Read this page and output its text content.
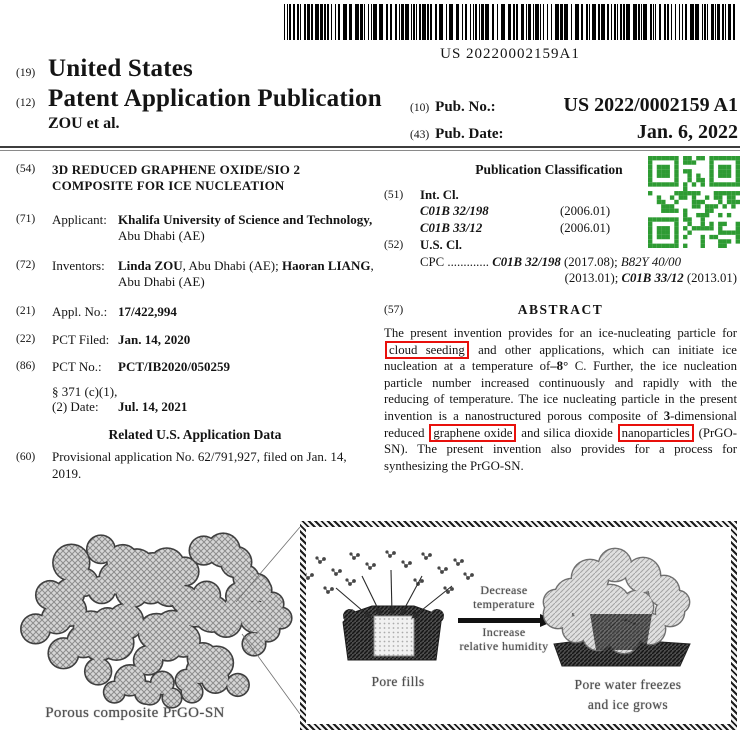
US 20220002159A1
(19) United States
(12) Patent Application Publication
ZOU et al.
(10) Pub. No.:	US 2022/0002159 A1
(43) Pub. Date:	Jan. 6, 2022
(54)	3D REDUCED GRAPHENE OXIDE/SIO 2 COMPOSITE FOR ICE NUCLEATION
(71)	Applicant: Khalifa University of Science and Technology, Abu Dhabi (AE)
(72)	Inventors:	Linda ZOU, Abu Dhabi (AE); Haoran LIANG, Abu Dhabi (AE)
(21)	Appl. No.: 17/422,994
(22)	PCT Filed: Jan. 14, 2020
(86)	PCT No.:	PCT/IB2020/050259
§ 371 (c)(1),
(2) Date:	Jul. 14, 2021
Related U.S. Application Data
(60)	Provisional application No. 62/791,927, filed on Jan. 14, 2019.
Publication Classification
(51)	Int. Cl.
C01B 32/198	(2006.01)
C01B 33/12	(2006.01)
(52)	U.S. Cl.
CPC ............. C01B 32/198 (2017.08); B82Y 40/00
(2013.01); C01B 33/12 (2013.01)
(57)	ABSTRACT

The present invention provides for an ice-nucleating particle for cloud seeding and other applications, which can initiate ice nucleation at a temperature of–8° C. Further, the ice nucleation particle number increased continuously and rapidly with the reducing of temperature. The ice nucleating particle in the present invention is a nanostructured porous composite of 3-dimensional reduced graphene oxide and silica dioxide nanoparticles (PrGO-SN). The present invention also provides for a process for synthesizing the PrGO-SN.

Porous composite PrGO-SN
Pore fills
Decrease
temperature
Increase
relative humidity
Pore water freezes
and ice grows
